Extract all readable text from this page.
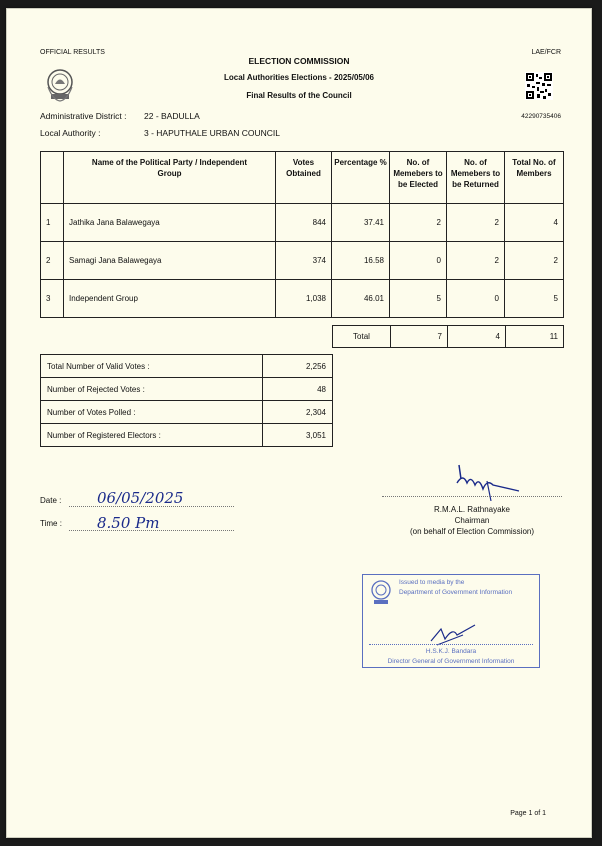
OFFICIAL RESULTS	LAE/FCR
ELECTION COMMISSION
Local Authorities Elections - 2025/05/06
Final Results of the Council
42290735406
Administrative District : 22 - BADULLA
Local Authority :	3 - HAPUTHALE URBAN COUNCIL
	Name of the Political Party / Independent Group	Votes Obtained	Percentage %	No. of Memebers to be Elected	No. of Memebers to be Returned	Total No. of Members
1	Jathika Jana Balawegaya	844	37.41	2	2	4
2	Samagi Jana Balawegaya	374	16.58	0	2	2
3	Independent Group	1,038	46.01	5	0	5
Total	7	4	11
Total Number of Valid Votes :	2,256
Number of Rejected Votes :	48
Number of Votes Polled :	2,304
Number of Registered Electors :	3,051
Date : 06/05/2025
Time : 8.50 Pm
R.M.A.L. Rathnayake
Chairman
(on behalf of Election Commission)
Issued to media by the
Department of Government Information
H.S.K.J. Bandara
Director General of Government Information
Page 1 of 1
